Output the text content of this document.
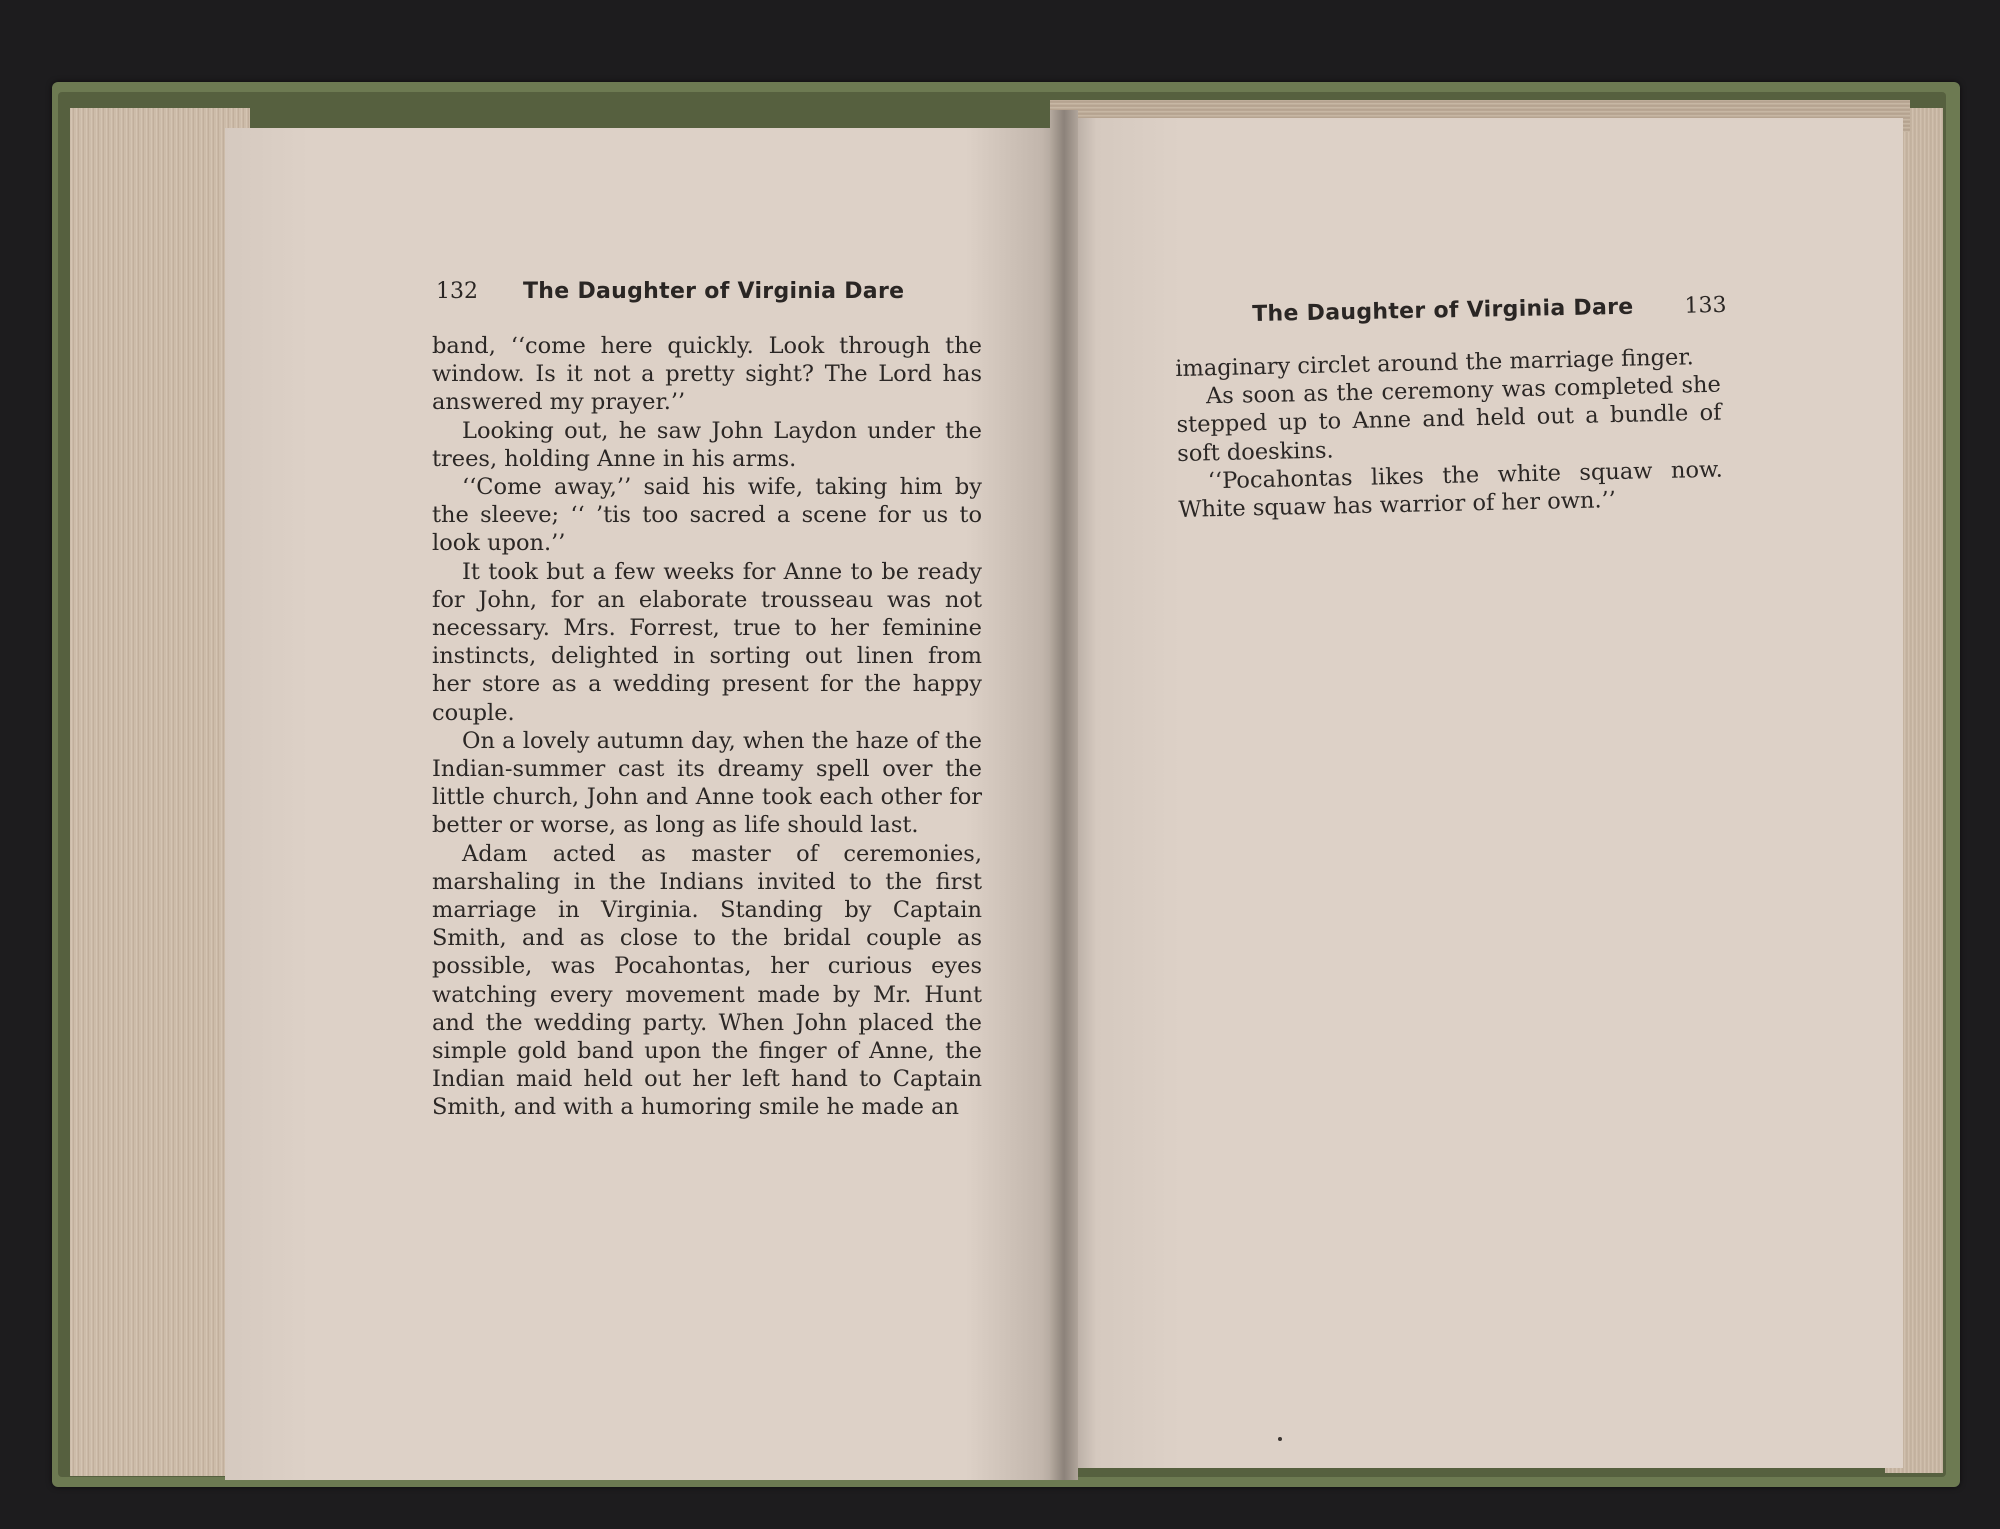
132 The Daughter of Virginia Dare
The Daughter of Virginia Dare 133

band, ‘‘come here quickly. Look through the window. Is it not a pretty sight? The Lord has answered my prayer.’’

Looking out, he saw John Laydon under the trees, holding Anne in his arms.

‘‘Come away,’’ said his wife, taking him by the sleeve; ‘‘ ’tis too sacred a scene for us to look upon.’’

It took but a few weeks for Anne to be ready for John, for an elaborate trousseau was not necessary. Mrs. Forrest, true to her feminine instincts, delighted in sorting out linen from her store as a wedding present for the happy couple.

On a lovely autumn day, when the haze of the Indian-summer cast its dreamy spell over the little church, John and Anne took each other for better or worse, as long as life should last.

Adam acted as master of ceremonies, marshaling in the Indians invited to the first marriage in Virginia. Standing by Captain Smith, and as close to the bridal couple as possible, was Pocahontas, her curious eyes watching every movement made by Mr. Hunt and the wedding party. When John placed the simple gold band upon the finger of Anne, the Indian maid held out her left hand to Captain Smith, and with a humoring smile he made an

imaginary circlet around the marriage finger.

As soon as the ceremony was completed she stepped up to Anne and held out a bundle of soft doeskins.

‘‘Pocahontas likes the white squaw now. White squaw has warrior of her own.’’
